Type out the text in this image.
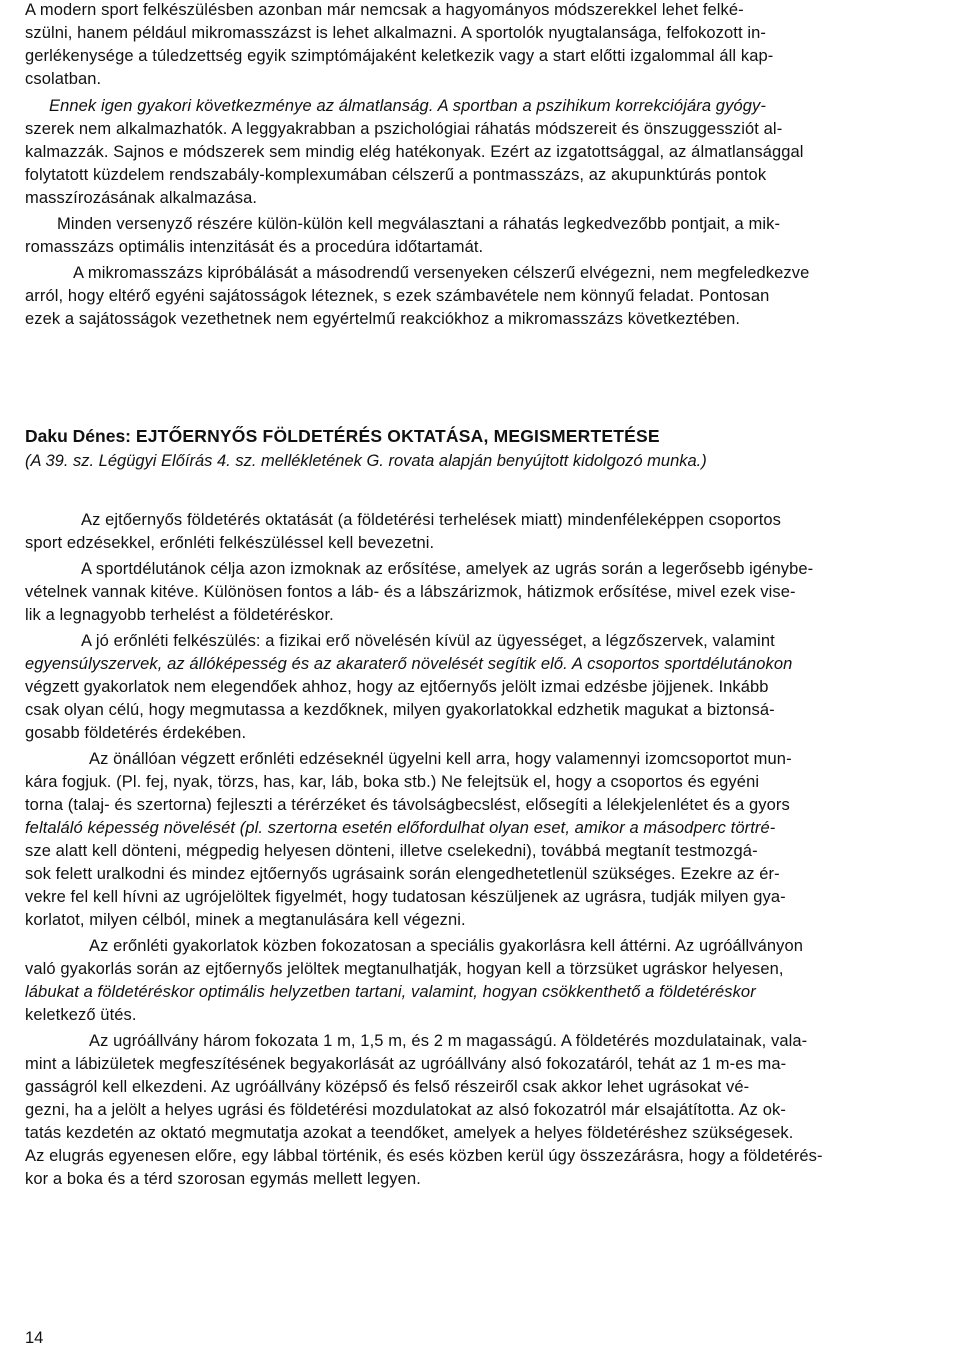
A modern sport felkészülésben azonban már nemcsak a hagyományos módszerekkel lehet felké-
szülni, hanem például mikromasszázst is lehet alkalmazni. A sportolók nyugtalansága, felfokozott in-
gerlékenysége a túledzettség egyik szimptómájaként keletkezik vagy a start előtti izgalommal áll kap-
csolatban.
Ennek igen gyakori következménye az álmatlanság. A sportban a pszihikum korrekciójára gyógy-
szerek nem alkalmazhatók. A leggyakrabban a pszichológiai ráhatás módszereit és önszuggessziót al-
kalmazzák. Sajnos e módszerek sem mindig elég hatékonyak. Ezért az izgatottsággal, az álmatlansággal
folytatott küzdelem rendszabály-komplexumában célszerű a pontmasszázs, az akupunktúrás pontok
masszírozásának alkalmazása.
Minden versenyző részére külön-külön kell megválasztani a ráhatás legkedvezőbb pontjait, a mik-
romasszázs optimális intenzitását és a procedúra időtartamát.
A mikromasszázs kipróbálását a másodrendű versenyeken célszerű elvégezni, nem megfeledkezve
arról, hogy eltérő egyéni sajátosságok léteznek, s ezek számbavétele nem könnyű feladat. Pontosan
ezek a sajátosságok vezethetnek nem egyértelmű reakciókhoz a mikromasszázs következtében.
Daku Dénes: EJTŐERNYŐS FÖLDETÉRÉS OKTATÁSA, MEGISMERTETÉSE
(A 39. sz. Légügyi Előírás 4. sz. mellékletének G. rovata alapján benyújtott kidolgozó munka.)
Az ejtőernyős földetérés oktatását (a földetérési terhelések miatt) mindenféleképpen csoportos
sport edzésekkel, erőnléti felkészüléssel kell bevezetni.
A sportdélutánok célja azon izmoknak az erősítése, amelyek az ugrás során a legerősebb igénybe-
vételnek vannak kitéve. Különösen fontos a láb- és a lábszárizmok, hátizmok erősítése, mivel ezek vise-
lik a legnagyobb terhelést a földetéréskor.
A jó erőnléti felkészülés: a fizikai erő növelésén kívül az ügyességet, a légzőszervek, valamint
egyensúlyszervek, az állóképesség és az akaraterő növelését segítik elő. A csoportos sportdélutánokon
végzett gyakorlatok nem elegendőek ahhoz, hogy az ejtőernyős jelölt izmai edzésbe jöjjenek. Inkább
csak olyan célú, hogy megmutassa a kezdőknek, milyen gyakorlatokkal edzhetik magukat a biztonsá-
gosabb földetérés érdekében.
Az önállóan végzett erőnléti edzéseknél ügyelni kell arra, hogy valamennyi izomcsoportot mun-
kára fogjuk. (Pl. fej, nyak, törzs, has, kar, láb, boka stb.) Ne felejtsük el, hogy a csoportos és egyéni
torna (talaj- és szertorna) fejleszti a térérzéket és távolságbecslést, elősegíti a lélekjelenlétet és a gyors
feltaláló képesség növelését (pl. szertorna esetén előfordulhat olyan eset, amikor a másodperc törtré-
sze alatt kell dönteni, mégpedig helyesen dönteni, illetve cselekedni), továbbá megtanít testmozgá-
sok felett uralkodni és mindez ejtőernyős ugrásaink során elengedhetetlenül szükséges. Ezekre az ér-
vekre fel kell hívni az ugrójelöltek figyelmét, hogy tudatosan készüljenek az ugrásra, tudják milyen gya-
korlatot, milyen célból, minek a megtanulására kell végezni.
Az erőnléti gyakorlatok közben fokozatosan a speciális gyakorlásra kell áttérni. Az ugróállványon
való gyakorlás során az ejtőernyős jelöltek megtanulhatják, hogyan kell a törzsüket ugráskor helyesen,
lábukat a földetéréskor optimális helyzetben tartani, valamint, hogyan csökkenthető a földetéréskor
keletkező ütés.
Az ugróállvány három fokozata 1 m, 1,5 m, és 2 m magasságú. A földetérés mozdulatainak, vala-
mint a lábizületek megfeszítésének begyakorlását az ugróállvány alsó fokozatáról, tehát az 1 m-es ma-
gasságról kell elkezdeni. Az ugróállvány középső és felső részeiről csak akkor lehet ugrásokat vé-
gezni, ha a jelölt a helyes ugrási és földetérési mozdulatokat az alsó fokozatról már elsajátította. Az ok-
tatás kezdetén az oktató megmutatja azokat a teendőket, amelyek a helyes földetéréshez szükségesek.
Az elugrás egyenesen előre, egy lábbal történik, és esés közben kerül úgy összezárásra, hogy a földetérés-
kor a boka és a térd szorosan egymás mellett legyen.
14
